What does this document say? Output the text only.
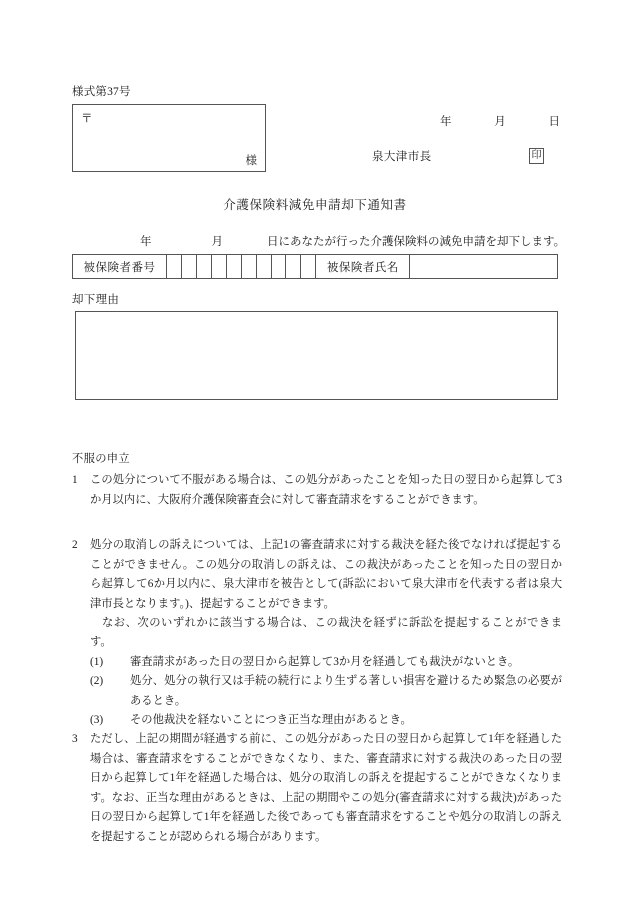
様式第37号
〒
様
年	月	日
泉大津市長	印
介護保険料減免申請却下通知書
年	月	日にあなたが行った介護保険料の減免申請を却下します。
被保険者番号											被保険者氏名	
却下理由
不服の申立
1 この処分について不服がある場合は、この処分があったことを知った日の翌日から起算して3か月以内に、大阪府介護保険審査会に対して審査請求をすることができます。
2 処分の取消しの訴えについては、上記1の審査請求に対する裁決を経た後でなければ提起することができません。この処分の取消しの訴えは、この裁決があったことを知った日の翌日から起算して6か月以内に、泉大津市を被告として(訴訟において泉大津市を代表する者は泉大津市長となります。)、提起することができます。
なお、次のいずれかに該当する場合は、この裁決を経ずに訴訟を提起することができます。
(1) 審査請求があった日の翌日から起算して3か月を経過しても裁決がないとき。
(2) 処分、処分の執行又は手続の続行により生ずる著しい損害を避けるため緊急の必要があるとき。
(3) その他裁決を経ないことにつき正当な理由があるとき。
3 ただし、上記の期間が経過する前に、この処分があった日の翌日から起算して1年を経過した場合は、審査請求をすることができなくなり、また、審査請求に対する裁決のあった日の翌日から起算して1年を経過した場合は、処分の取消しの訴えを提起することができなくなります。なお、正当な理由があるときは、上記の期間やこの処分(審査請求に対する裁決)があった日の翌日から起算して1年を経過した後であっても審査請求をすることや処分の取消しの訴えを提起することが認められる場合があります。
